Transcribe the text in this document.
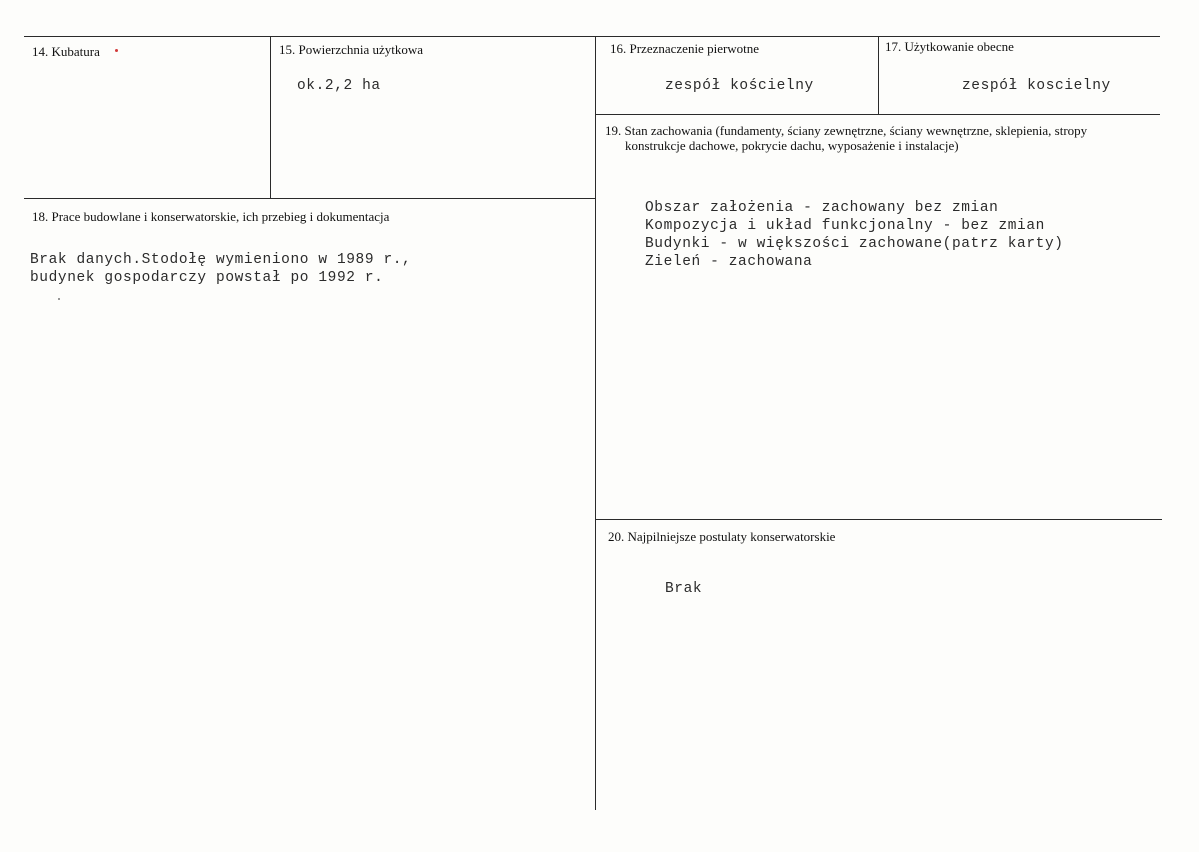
14. Kubatura	15. Powierzchnia użytkowa
ok.2,2 ha
16. Przeznaczenie pierwotne
zespół kościelny
17. Użytkowanie obecne
zespół koscielny
18. Prace budowlane i konserwatorskie, ich przebieg i dokumentacja
Brak danych.Stodołę wymieniono w 1989 r.,
budynek gospodarczy powstał po 1992 r.
19. Stan zachowania (fundamenty, ściany zewnętrzne, ściany wewnętrzne, sklepienia, stropy
konstrukcje dachowe, pokrycie dachu, wyposażenie i instalacje)
Obszar założenia - zachowany bez zmian
Kompozycja i układ funkcjonalny - bez zmian
Budynki - w większości zachowane(patrz karty)
Zieleń - zachowana
20. Najpilniejsze postulaty konserwatorskie
Brak
